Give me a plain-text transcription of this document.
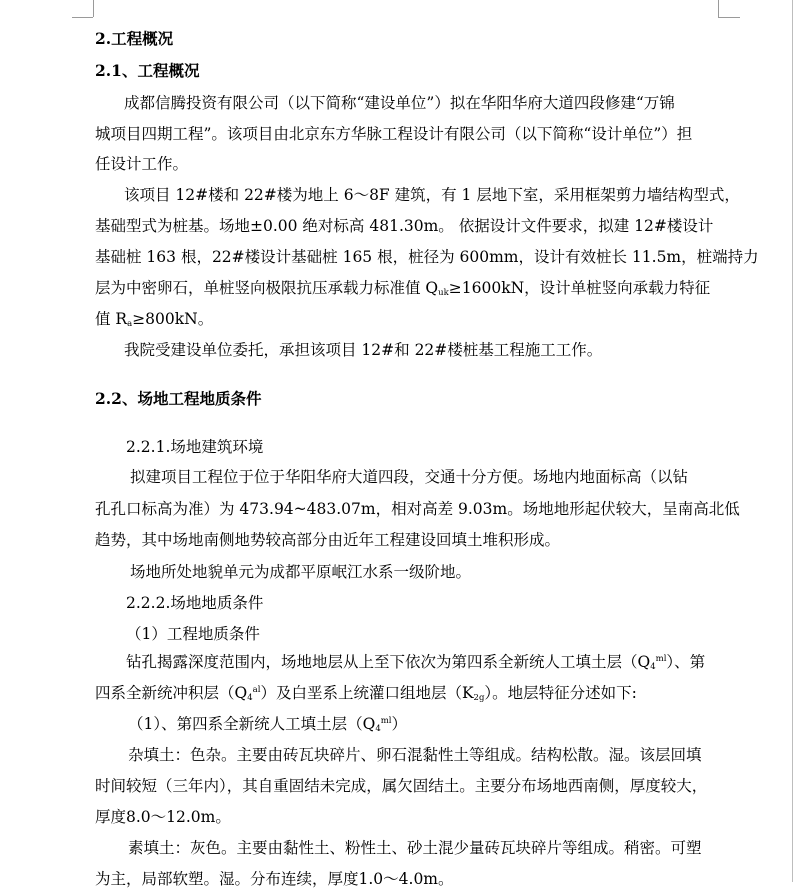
2.工程概况
2.1、工程概况
成都信腾投资有限公司（以下简称“建设单位”）拟在华阳华府大道四段修建“万锦
城项目四期工程”。该项目由北京东方华脉工程设计有限公司（以下简称“设计单位”）担
任设计工作。
该项目 12#楼和 22#楼为地上 6～8F 建筑，有 1 层地下室，采用框架剪力墙结构型式，
基础型式为桩基。场地±0.00 绝对标高 481.30m。 依据设计文件要求，拟建 12#楼设计
基础桩 163 根，22#楼设计基础桩 165 根，桩径为 600mm，设计有效桩长 11.5m，桩端持力
层为中密卵石，单桩竖向极限抗压承载力标准值 Quk≥1600kN，设计单桩竖向承载力特征
值 Ra≥800kN。
我院受建设单位委托，承担该项目 12#和 22#楼桩基工程施工工作。
2.2、场地工程地质条件
2.2.1.场地建筑环境
拟建项目工程位于位于华阳华府大道四段，交通十分方便。场地内地面标高（以钻
孔孔口标高为准）为 473.94~483.07m，相对高差 9.03m。场地地形起伏较大，呈南高北低
趋势，其中场地南侧地势较高部分由近年工程建设回填土堆积形成。
场地所处地貌单元为成都平原岷江水系一级阶地。
2.2.2.场地地质条件
（1）工程地质条件
钻孔揭露深度范围内，场地地层从上至下依次为第四系全新统人工填土层$(Q4^{ml})$、第
四系全新统冲积层$(Q4^{al})$及白垩系上统灌口组地层（K2g）。地层特征分述如下:
（1）、第四系全新统人工填土层$(Q4^{ml})$
杂填土：色杂。主要由砖瓦块碎片、卵石混黏性土等组成。结构松散。湿。该层回填
时间较短（三年内），其自重固结未完成，属欠固结土。主要分布场地西南侧，厚度较大，
厚度8.0～12.0m。
素填土：灰色。主要由黏性土、粉性土、砂土混少量砖瓦块碎片等组成。稍密。可塑
为主，局部软塑。湿。分布连续，厚度1.0～4.0m。
